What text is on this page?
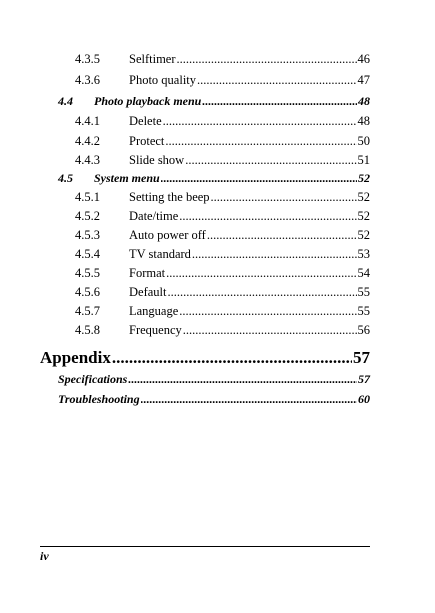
4.3.5	Selftimer .....	46
4.3.6	Photo quality .....	47
4.4	Photo playback menu .....	48
4.4.1	Delete .....	48
4.4.2	Protect .....	50
4.4.3	Slide show .....	51
4.5	System menu .....	52
4.5.1	Setting the beep .....	52
4.5.2	Date/time .....	52
4.5.3	Auto power off .....	52
4.5.4	TV standard .....	53
4.5.5	Format .....	54
4.5.6	Default .....	55
4.5.7	Language .....	55
4.5.8	Frequency .....	56
Appendix .....	57
Specifications .....	57
Troubleshooting .....	60
iv
